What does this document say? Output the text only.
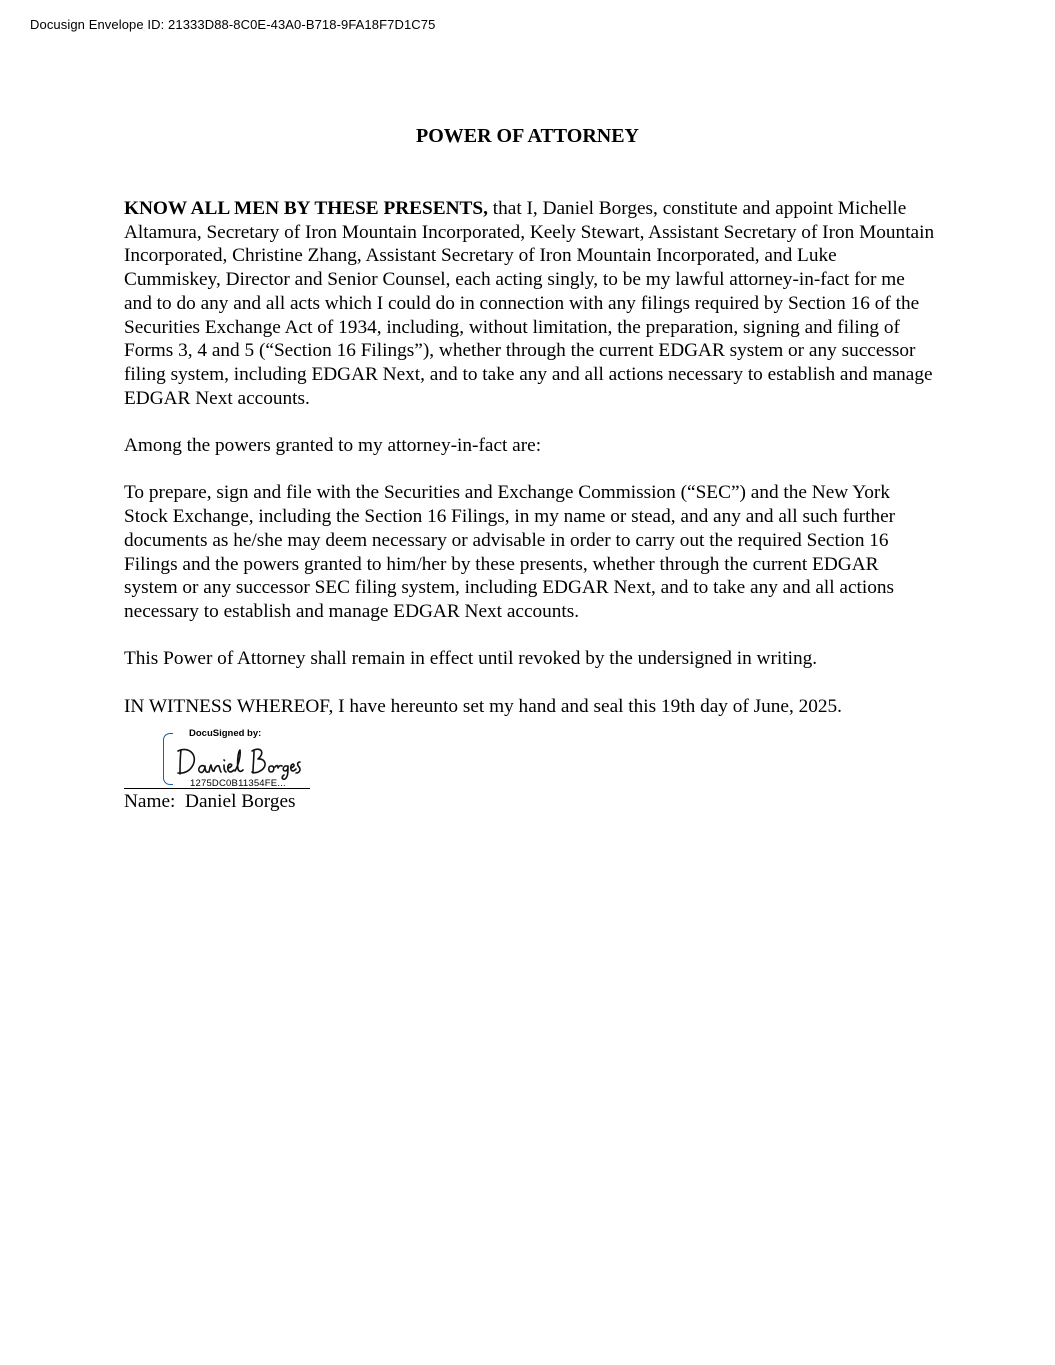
Docusign Envelope ID: 21333D88-8C0E-43A0-B718-9FA18F7D1C75
POWER OF ATTORNEY

KNOW ALL MEN BY THESE PRESENTS, that I, Daniel Borges, constitute and appoint Michelle Altamura, Secretary of Iron Mountain Incorporated, Keely Stewart, Assistant Secretary of Iron Mountain Incorporated, Christine Zhang, Assistant Secretary of Iron Mountain Incorporated, and Luke Cummiskey, Director and Senior Counsel, each acting singly, to be my lawful attorney-in-fact for me and to do any and all acts which I could do in connection with any filings required by Section 16 of the Securities Exchange Act of 1934, including, without limitation, the preparation, signing and filing of Forms 3, 4 and 5 (“Section 16 Filings”), whether through the current EDGAR system or any successor filing system, including EDGAR Next, and to take any and all actions necessary to establish and manage EDGAR Next accounts.

Among the powers granted to my attorney-in-fact are:

To prepare, sign and file with the Securities and Exchange Commission (“SEC”) and the New York Stock Exchange, including the Section 16 Filings, in my name or stead, and any and all such further documents as he/she may deem necessary or advisable in order to carry out the required Section 16 Filings and the powers granted to him/her by these presents, whether through the current EDGAR system or any successor SEC filing system, including EDGAR Next, and to take any and all actions necessary to establish and manage EDGAR Next accounts.

This Power of Attorney shall remain in effect until revoked by the undersigned in writing.

IN WITNESS WHEREOF, I have hereunto set my hand and seal this 19th day of June, 2025.

DocuSigned by:
1275DC0B11354FE...
Name:  Daniel Borges
